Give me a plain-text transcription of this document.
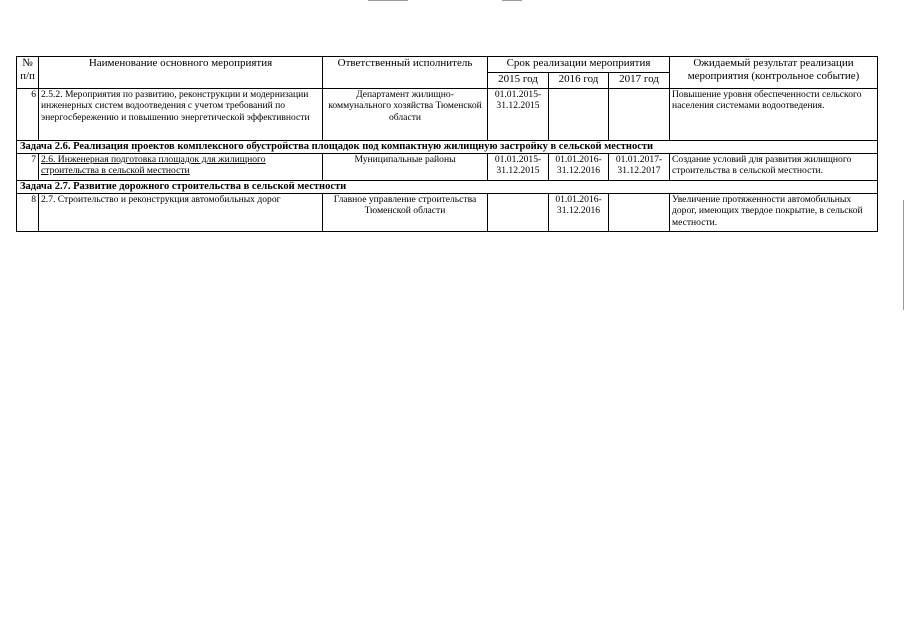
№ п/п	Наименование основного мероприятия	Ответственный исполнитель	Срок реализации мероприятия			Ожидаемый результат реализации мероприятия (контрольное событие)
			2015 год	2016 год	2017 год	
6	2.5.2. Мероприятия по развитию, реконструкции и модернизации инженерных систем водоотведения с учетом требований по энергосбережению и повышению энергетической эффективности	Департамент жилищно-коммунального хозяйства Тюменской области	01.01.2015-31.12.2015			Повышение уровня обеспеченности сельского населения системами водоотведения.
Задача 2.6. Реализация проектов комплексного обустройства площадок под компактную жилищную застройку в сельской местности						
7	2.6. Инженерная подготовка площадок для жилищного строительства в сельской местности	Муниципальные районы	01.01.2015-31.12.2015	01.01.2016-31.12.2016	01.01.2017-31.12.2017	Создание условий для развития жилищного строительства в сельской местности.
Задача 2.7. Развитие дорожного строительства в сельской местности						
8	2.7. Строительство и реконструкция автомобильных дорог	Главное управление строительства Тюменской области		01.01.2016-31.12.2016		Увеличение протяженности автомобильных дорог, имеющих твердое покрытие, в сельской местности.
